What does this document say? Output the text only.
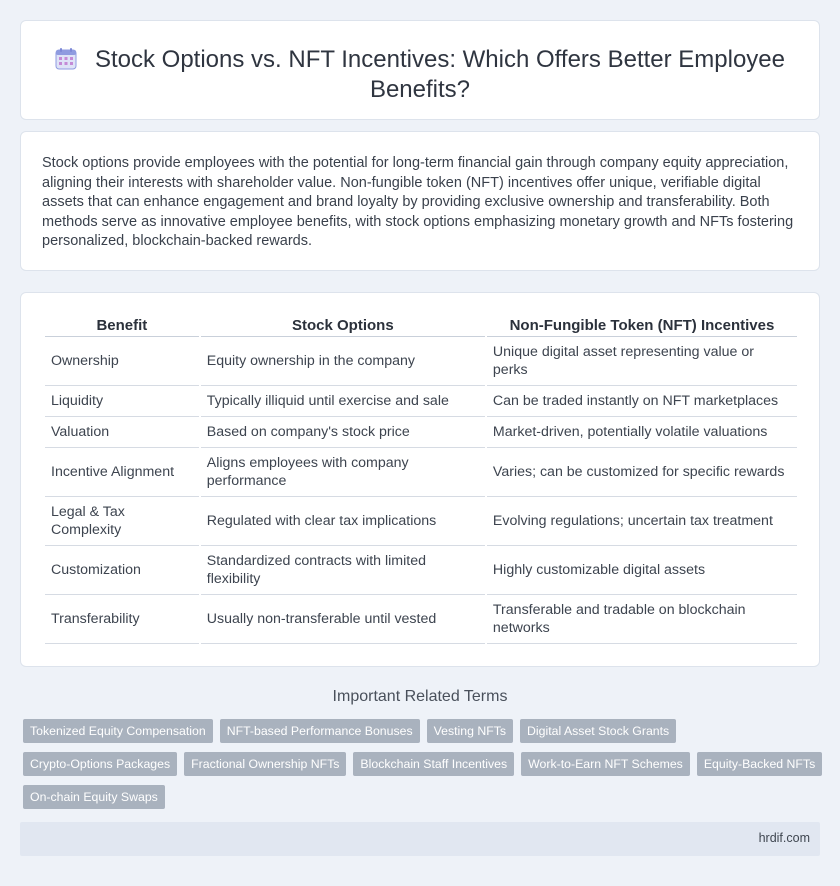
Stock Options vs. NFT Incentives: Which Offers Better Employee Benefits?

Stock options provide employees with the potential for long-term financial gain through company equity appreciation, aligning their interests with shareholder value. Non-fungible token (NFT) incentives offer unique, verifiable digital assets that can enhance engagement and brand loyalty by providing exclusive ownership and transferability. Both methods serve as innovative employee benefits, with stock options emphasizing monetary growth and NFTs fostering personalized, blockchain-backed rewards.

Benefit	Stock Options	Non-Fungible Token (NFT) Incentives
Ownership	Equity ownership in the company	Unique digital asset representing value or perks
Liquidity	Typically illiquid until exercise and sale	Can be traded instantly on NFT marketplaces
Valuation	Based on company's stock price	Market-driven, potentially volatile valuations
Incentive Alignment	Aligns employees with company performance	Varies; can be customized for specific rewards
Legal & Tax Complexity	Regulated with clear tax implications	Evolving regulations; uncertain tax treatment
Customization	Standardized contracts with limited flexibility	Highly customizable digital assets
Transferability	Usually non-transferable until vested	Transferable and tradable on blockchain networks
Important Related Terms
Tokenized Equity Compensation	NFT-based Performance Bonuses	Vesting NFTs	Digital Asset Stock Grants
Crypto-Options Packages	Fractional Ownership NFTs	Blockchain Staff Incentives	Work-to-Earn NFT Schemes	Equity-Backed NFTs
On-chain Equity Swaps
hrdif.com
